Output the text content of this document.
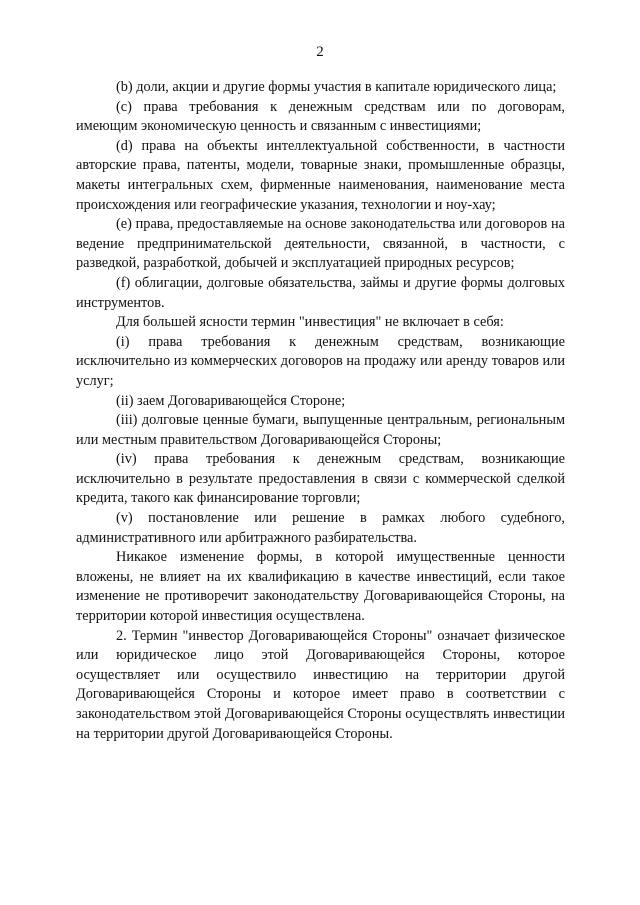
2

(b) доли, акции и другие формы участия в капитале юридического лица;

(c) права требования к денежным средствам или по договорам, имеющим экономическую ценность и связанным с инвестициями;

(d) права на объекты интеллектуальной собственности, в частности авторские права, патенты, модели, товарные знаки, промышленные образцы, макеты интегральных схем, фирменные наименования, наименование места происхождения или географические указания, технологии и ноу-хау;

(e) права, предоставляемые на основе законодательства или договоров на ведение предпринимательской деятельности, связанной, в частности, с разведкой, разработкой, добычей и эксплуатацией природных ресурсов;

(f) облигации, долговые обязательства, займы и другие формы долговых инструментов.

Для большей ясности термин "инвестиция" не включает в себя:

(i) права требования к денежным средствам, возникающие исключительно из коммерческих договоров на продажу или аренду товаров или услуг;

(ii) заем Договаривающейся Стороне;

(iii) долговые ценные бумаги, выпущенные центральным, региональным или местным правительством Договаривающейся Стороны;

(iv) права требования к денежным средствам, возникающие исключительно в результате предоставления в связи с коммерческой сделкой кредита, такого как финансирование торговли;

(v) постановление или решение в рамках любого судебного, административного или арбитражного разбирательства.

Никакое изменение формы, в которой имущественные ценности вложены, не влияет на их квалификацию в качестве инвестиций, если такое изменение не противоречит законодательству Договаривающейся Стороны, на территории которой инвестиция осуществлена.

2. Термин "инвестор Договаривающейся Стороны" означает физическое или юридическое лицо этой Договаривающейся Стороны, которое осуществляет или осуществило инвестицию на территории другой Договаривающейся Стороны и которое имеет право в соответствии с законодательством этой Договаривающейся Стороны осуществлять инвестиции на территории другой Договаривающейся Стороны.
